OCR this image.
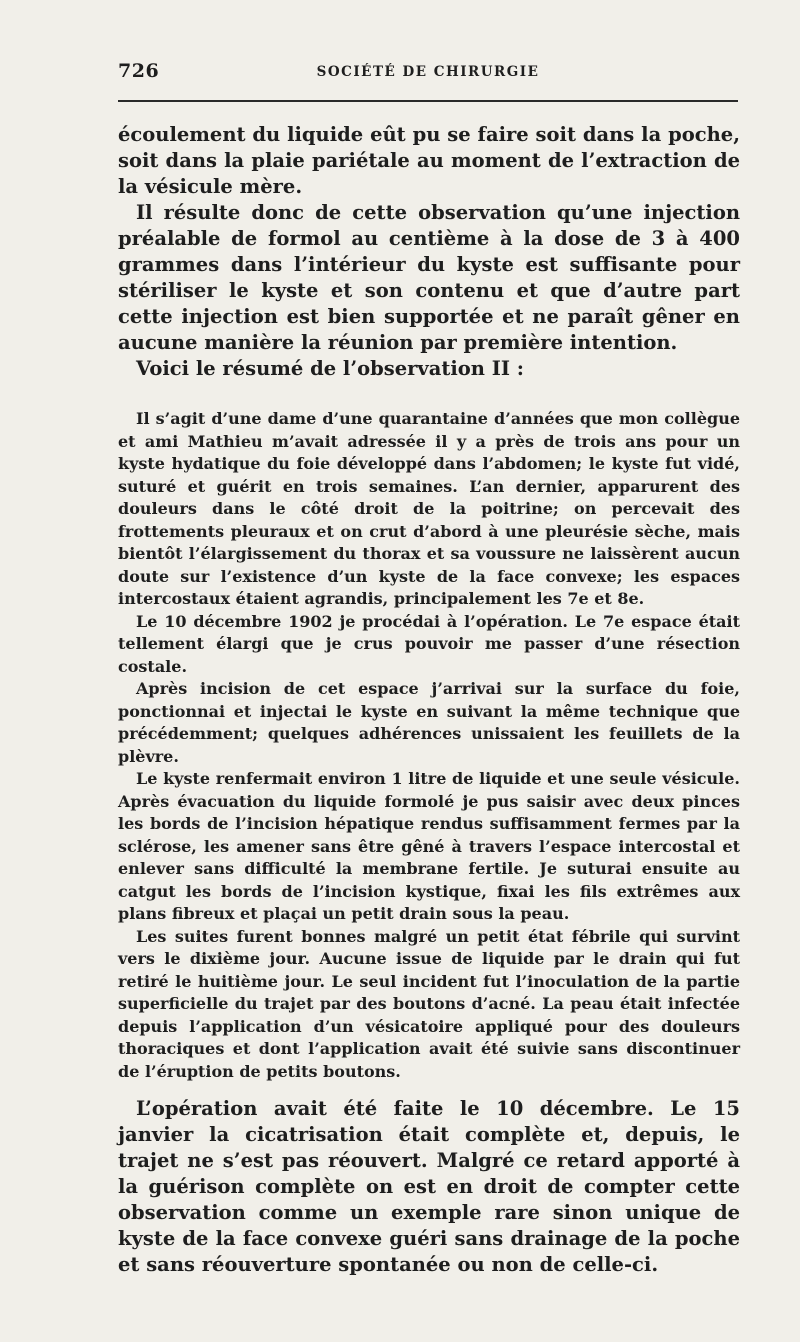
726	SOCIÉTÉ DE CHIRURGIE

écoulement du liquide eût pu se faire soit dans la poche, soit dans la plaie pariétale au moment de l’extraction de la vésicule mère.

Il résulte donc de cette observation qu’une injection préalable de formol au centième à la dose de 3 à 400 grammes dans l’intérieur du kyste est suffisante pour stériliser le kyste et son contenu et que d’autre part cette injection est bien supportée et ne paraît gêner en aucune manière la réunion par première intention.

Voici le résumé de l’observation II :

Il s’agit d’une dame d’une quarantaine d’années que mon collègue et ami Mathieu m’avait adressée il y a près de trois ans pour un kyste hydatique du foie développé dans l’abdomen; le kyste fut vidé, suturé et guérit en trois semaines. L’an dernier, apparurent des douleurs dans le côté droit de la poitrine; on percevait des frottements pleuraux et on crut d’abord à une pleurésie sèche, mais bientôt l’élargissement du thorax et sa voussure ne laissèrent aucun doute sur l’existence d’un kyste de la face convexe; les espaces intercostaux étaient agrandis, principalement les 7e et 8e.

Le 10 décembre 1902 je procédai à l’opération. Le 7e espace était tellement élargi que je crus pouvoir me passer d’une résection costale.

Après incision de cet espace j’arrivai sur la surface du foie, ponctionnai et injectai le kyste en suivant la même technique que précédemment; quelques adhérences unissaient les feuillets de la plèvre.

Le kyste renfermait environ 1 litre de liquide et une seule vésicule. Après évacuation du liquide formolé je pus saisir avec deux pinces les bords de l’incision hépatique rendus suffisamment fermes par la sclérose, les amener sans être gêné à travers l’espace intercostal et enlever sans difficulté la membrane fertile. Je suturai ensuite au catgut les bords de l’incision kystique, fixai les fils extrêmes aux plans fibreux et plaçai un petit drain sous la peau.

Les suites furent bonnes malgré un petit état fébrile qui survint vers le dixième jour. Aucune issue de liquide par le drain qui fut retiré le huitième jour. Le seul incident fut l’inoculation de la partie superficielle du trajet par des boutons d’acné. La peau était infectée depuis l’application d’un vésicatoire appliqué pour des douleurs thoraciques et dont l’application avait été suivie sans discontinuer de l’éruption de petits boutons.

L’opération avait été faite le 10 décembre. Le 15 janvier la cicatrisation était complète et, depuis, le trajet ne s’est pas réouvert. Malgré ce retard apporté à la guérison complète on est en droit de compter cette observation comme un exemple rare sinon unique de kyste de la face convexe guéri sans drainage de la poche et sans réouverture spontanée ou non de celle-ci.
